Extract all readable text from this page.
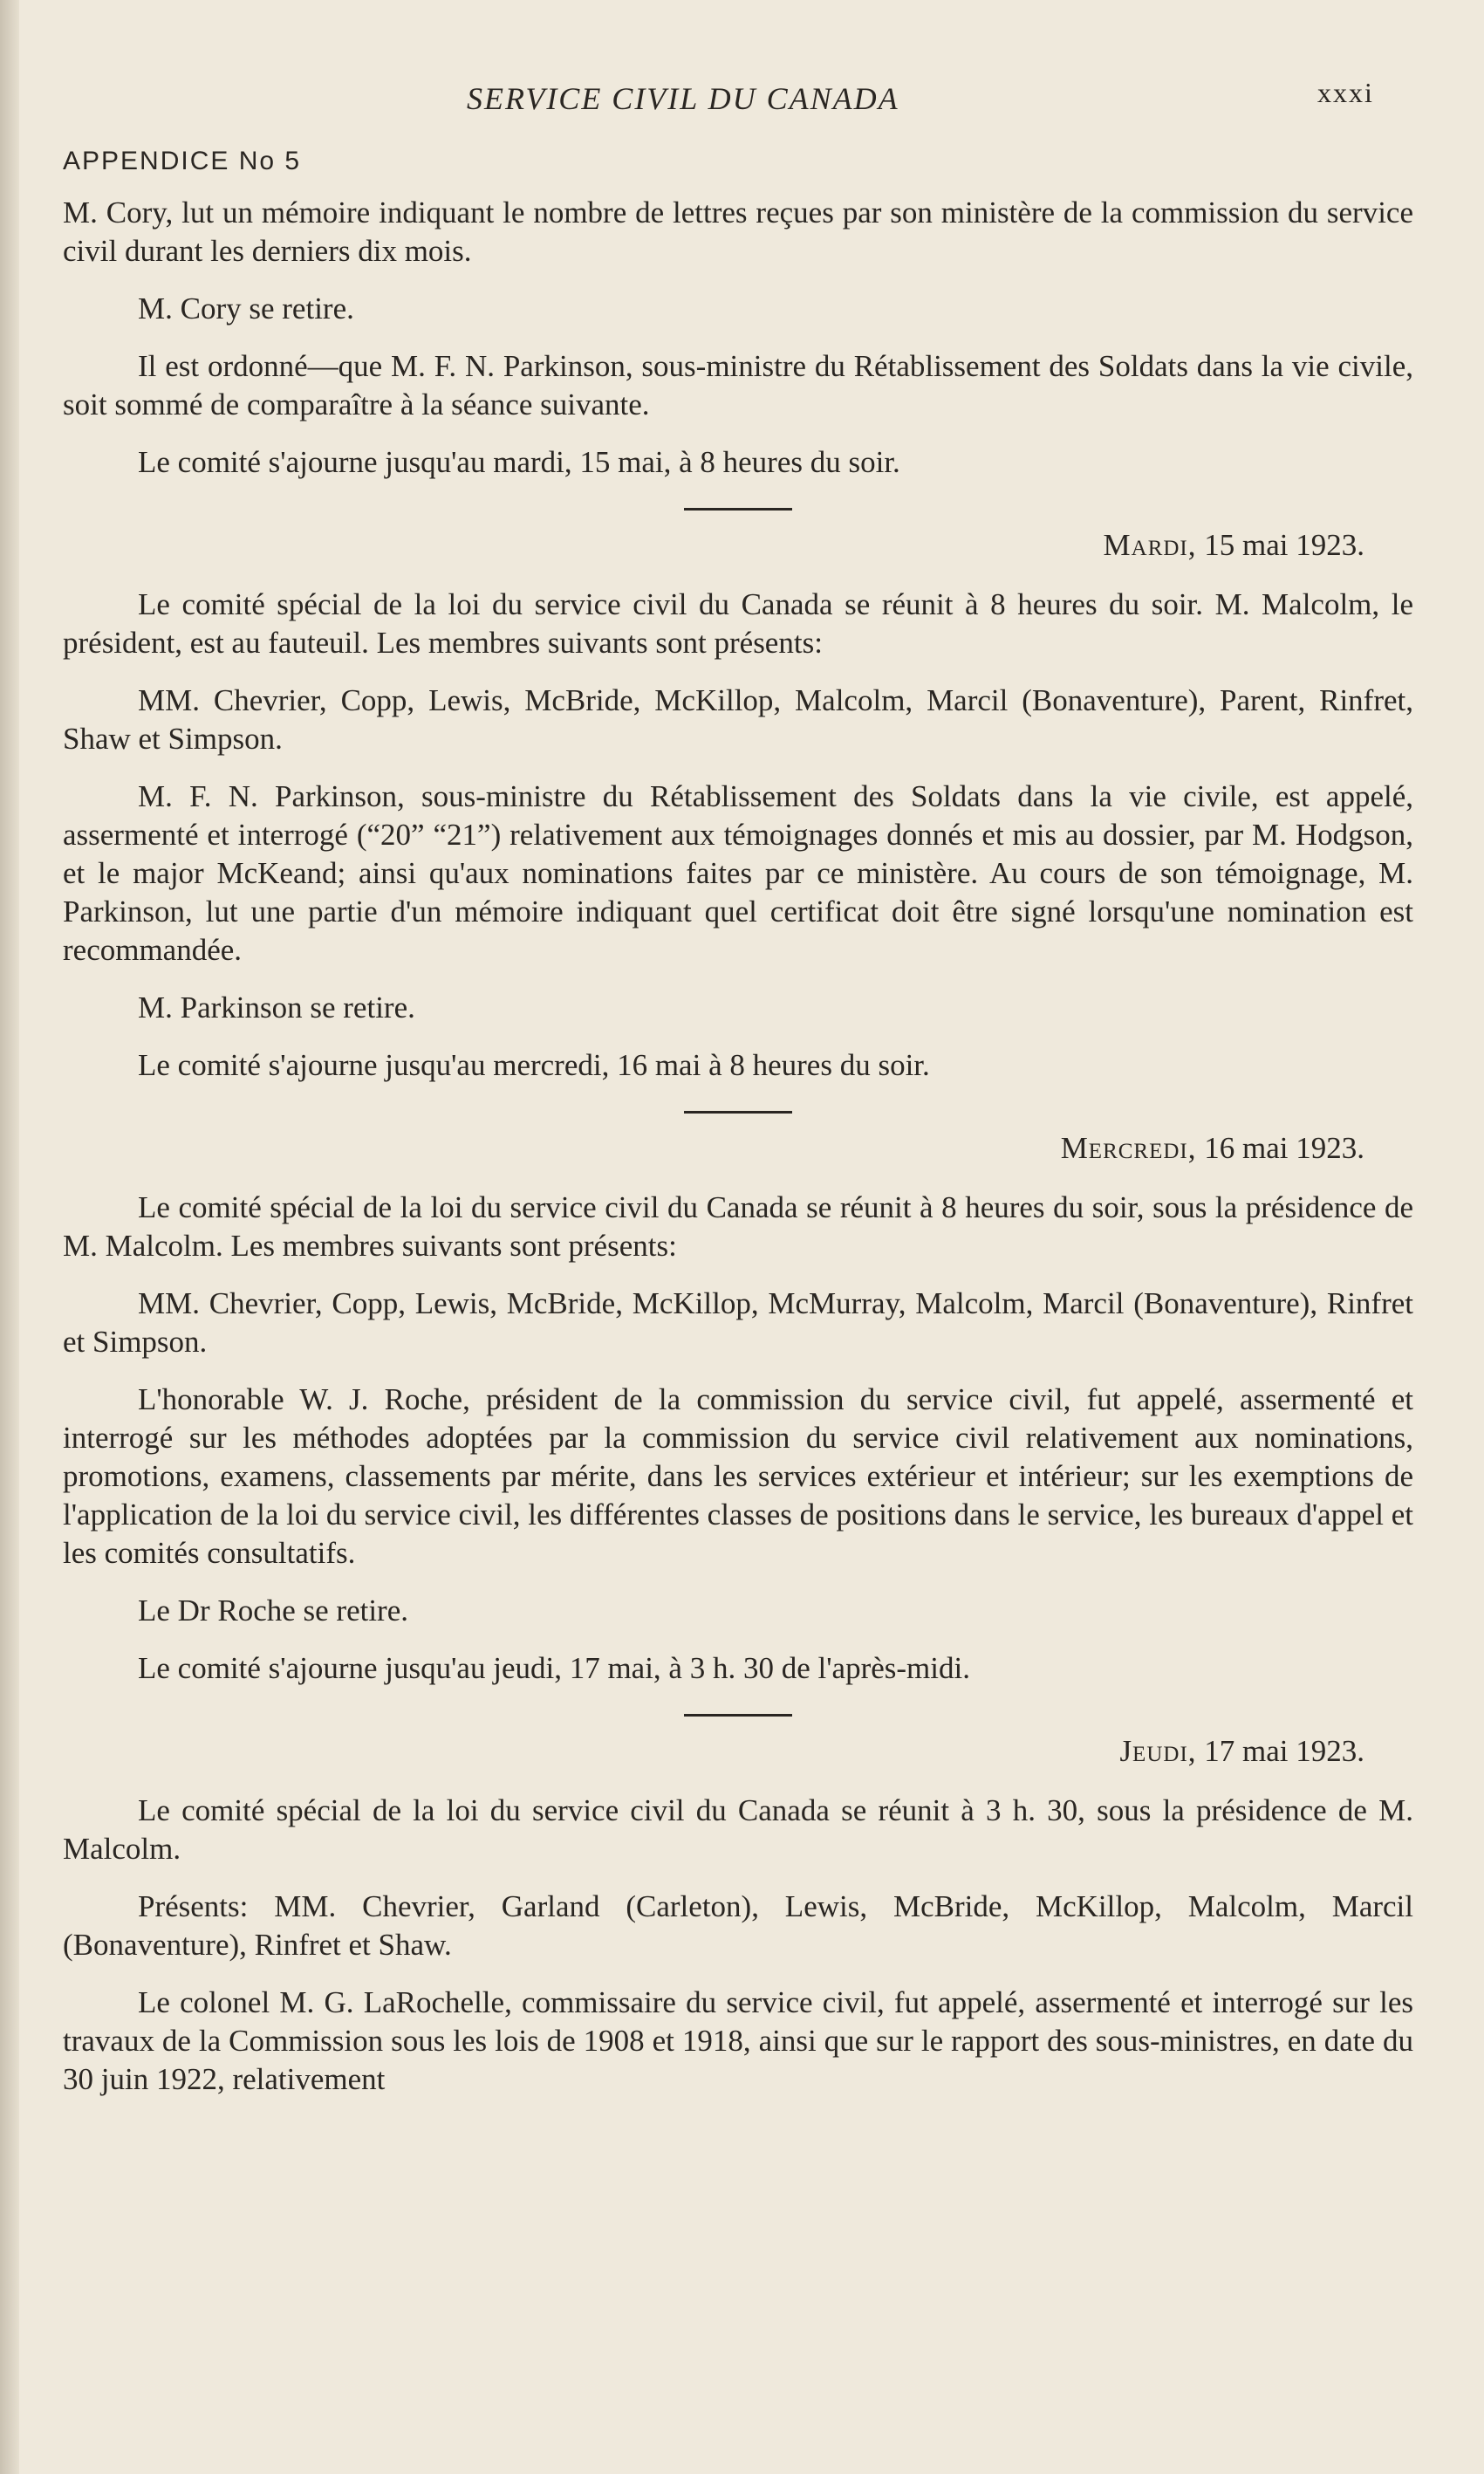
SERVICE CIVIL DU CANADA	xxxi
APPENDICE No 5

M. Cory, lut un mémoire indiquant le nombre de lettres reçues par son ministère de la commission du service civil durant les derniers dix mois.

M. Cory se retire.

Il est ordonné—que M. F. N. Parkinson, sous-ministre du Rétablissement des Soldats dans la vie civile, soit sommé de comparaître à la séance suivante.

Le comité s'ajourne jusqu'au mardi, 15 mai, à 8 heures du soir.

Mardi, 15 mai 1923.

Le comité spécial de la loi du service civil du Canada se réunit à 8 heures du soir. M. Malcolm, le président, est au fauteuil. Les membres suivants sont présents:

MM. Chevrier, Copp, Lewis, McBride, McKillop, Malcolm, Marcil (Bonaventure), Parent, Rinfret, Shaw et Simpson.

M. F. N. Parkinson, sous-ministre du Rétablissement des Soldats dans la vie civile, est appelé, assermenté et interrogé (“20” “21”) relativement aux témoignages donnés et mis au dossier, par M. Hodgson, et le major McKeand; ainsi qu'aux nominations faites par ce ministère. Au cours de son témoignage, M. Parkinson, lut une partie d'un mémoire indiquant quel certificat doit être signé lorsqu'une nomination est recommandée.

M. Parkinson se retire.

Le comité s'ajourne jusqu'au mercredi, 16 mai à 8 heures du soir.

Mercredi, 16 mai 1923.

Le comité spécial de la loi du service civil du Canada se réunit à 8 heures du soir, sous la présidence de M. Malcolm. Les membres suivants sont présents:

MM. Chevrier, Copp, Lewis, McBride, McKillop, McMurray, Malcolm, Marcil (Bonaventure), Rinfret et Simpson.

L'honorable W. J. Roche, président de la commission du service civil, fut appelé, assermenté et interrogé sur les méthodes adoptées par la commission du service civil relativement aux nominations, promotions, examens, classements par mérite, dans les services extérieur et intérieur; sur les exemptions de l'application de la loi du service civil, les différentes classes de positions dans le service, les bureaux d'appel et les comités consultatifs.

Le Dr Roche se retire.

Le comité s'ajourne jusqu'au jeudi, 17 mai, à 3 h. 30 de l'après-midi.

Jeudi, 17 mai 1923.

Le comité spécial de la loi du service civil du Canada se réunit à 3 h. 30, sous la présidence de M. Malcolm.

Présents: MM. Chevrier, Garland (Carleton), Lewis, McBride, McKillop, Malcolm, Marcil (Bonaventure), Rinfret et Shaw.

Le colonel M. G. LaRochelle, commissaire du service civil, fut appelé, assermenté et interrogé sur les travaux de la Commission sous les lois de 1908 et 1918, ainsi que sur le rapport des sous-ministres, en date du 30 juin 1922, relativement
